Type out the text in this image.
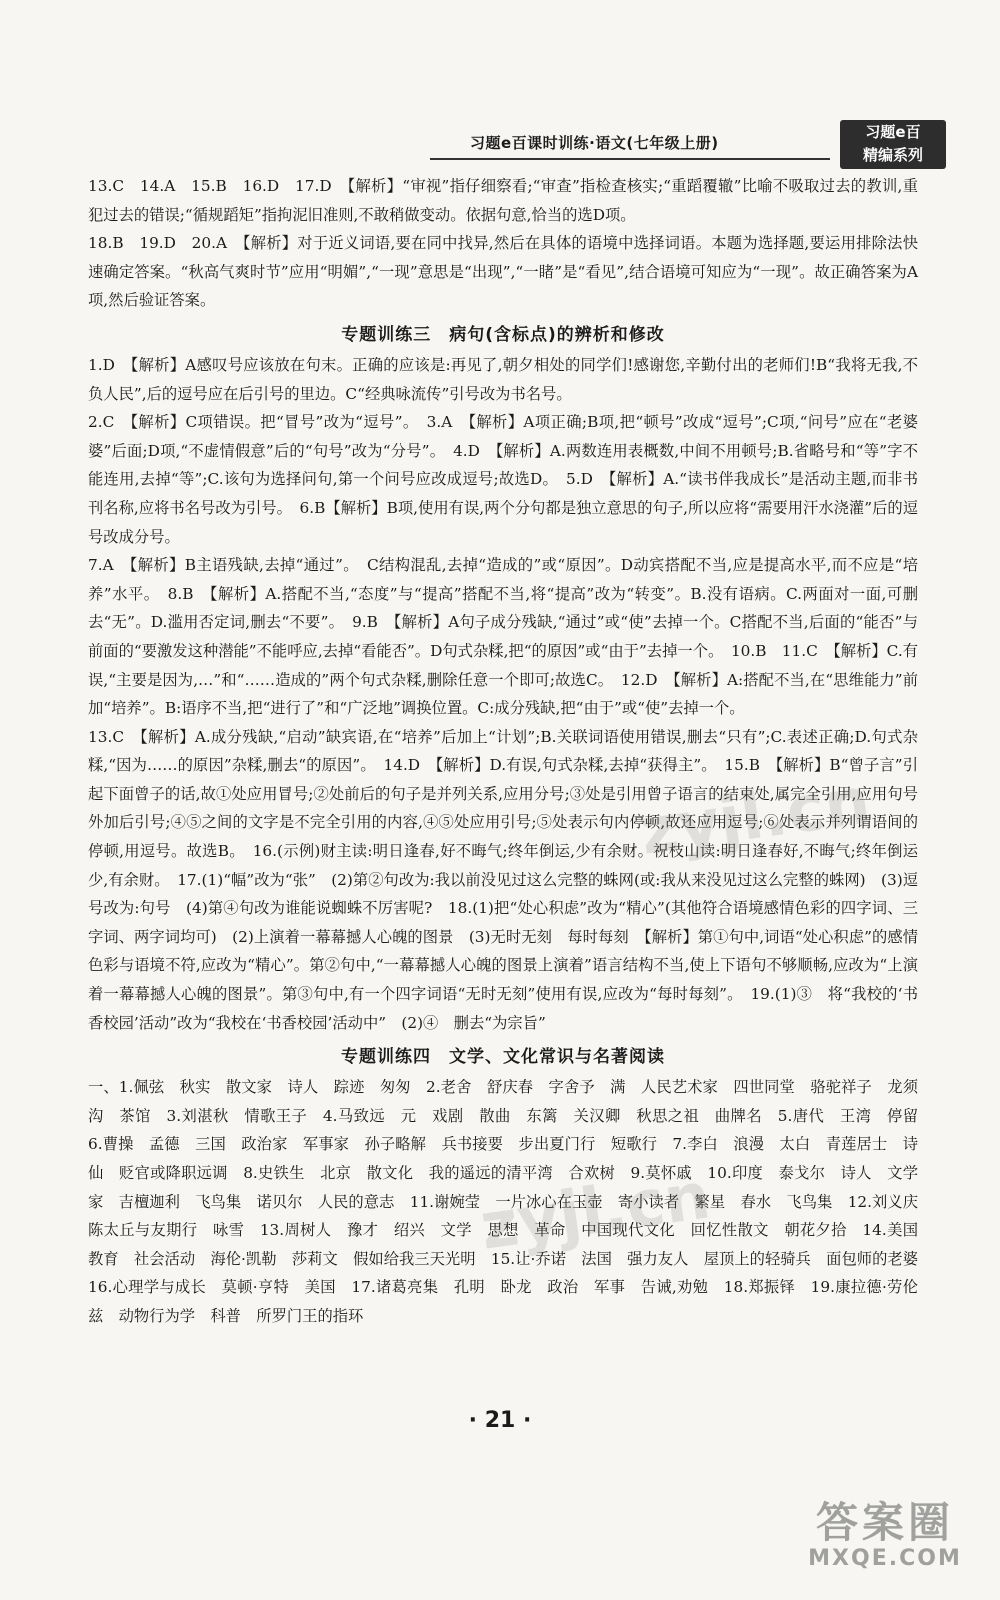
习题e百课时训练·语文(七年级上册)
习题e百
精编系列

13.C　14.A　15.B　16.D　17.D　【解析】“审视”指仔细察看;“审查”指检查核实;“重蹈覆辙”比喻不吸取过去的教训,重犯过去的错误;“循规蹈矩”指拘泥旧准则,不敢稍做变动。依据句意,恰当的选D项。

18.B　19.D　20.A　【解析】对于近义词语,要在同中找异,然后在具体的语境中选择词语。本题为选择题,要运用排除法快速确定答案。“秋高气爽时节”应用“明媚”,“一现”意思是“出现”,“一睹”是“看见”,结合语境可知应为“一现”。故正确答案为A项,然后验证答案。

专题训练三　病句(含标点)的辨析和修改

1.D　【解析】A感叹号应该放在句末。正确的应该是:再见了,朝夕相处的同学们!感谢您,辛勤付出的老师们!B“我将无我,不负人民”,后的逗号应在后引号的里边。C“经典咏流传”引号改为书名号。

2.C　【解析】C项错误。把“冒号”改为“逗号”。　3.A　【解析】A项正确;B项,把“顿号”改成“逗号”;C项,“问号”应在“老婆婆”后面;D项,“不虚情假意”后的“句号”改为“分号”。　4.D　【解析】A.两数连用表概数,中间不用顿号;B.省略号和“等”字不能连用,去掉“等”;C.该句为选择问句,第一个问号应改成逗号;故选D。　5.D　【解析】A.“读书伴我成长”是活动主题,而非书刊名称,应将书名号改为引号。　6.B【解析】B项,使用有误,两个分句都是独立意思的句子,所以应将“需要用汗水浇灌”后的逗号改成分号。

7.A　【解析】B主语残缺,去掉“通过”。　C结构混乱,去掉“造成的”或“原因”。D动宾搭配不当,应是提高水平,而不应是“培养”水平。　8.B　【解析】A.搭配不当,“态度”与“提高”搭配不当,将“提高”改为“转变”。B.没有语病。C.两面对一面,可删去“无”。D.滥用否定词,删去“不要”。　9.B　【解析】A句子成分残缺,“通过”或“使”去掉一个。C搭配不当,后面的“能否”与前面的“要激发这种潜能”不能呼应,去掉“看能否”。D句式杂糅,把“的原因”或“由于”去掉一个。　10.B　11.C　【解析】C.有误,“主要是因为,…”和“……造成的”两个句式杂糅,删除任意一个即可;故选C。　12.D　【解析】A:搭配不当,在“思维能力”前加“培养”。B:语序不当,把“进行了”和“广泛地”调换位置。C:成分残缺,把“由于”或“使”去掉一个。

13.C　【解析】A.成分残缺,“启动”缺宾语,在“培养”后加上“计划”;B.关联词语使用错误,删去“只有”;C.表述正确;D.句式杂糅,“因为……的原因”杂糅,删去“的原因”。　14.D　【解析】D.有误,句式杂糅,去掉“获得主”。　15.B　【解析】B“曾子言”引起下面曾子的话,故①处应用冒号;②处前后的句子是并列关系,应用分号;③处是引用曾子语言的结束处,属完全引用,应用句号外加后引号;④⑤之间的文字是不完全引用的内容,④⑤处应用引号;⑤处表示句内停顿,故还应用逗号;⑥处表示并列谓语间的停顿,用逗号。故选B。　16.(示例)财主读:明日逢春,好不晦气;终年倒运,少有余财。祝枝山读:明日逢春好,不晦气;终年倒运少,有余财。　17.(1)“幅”改为“张”　(2)第②句改为:我以前没见过这么完整的蛛网(或:我从来没见过这么完整的蛛网)　(3)逗号改为:句号　(4)第④句改为谁能说蜘蛛不厉害呢?　18.(1)把“处心积虑”改为“精心”(其他符合语境感情色彩的四字词、三字词、两字词均可)　(2)上演着一幕幕撼人心魄的图景　(3)无时无刻　每时每刻　【解析】第①句中,词语“处心积虑”的感情色彩与语境不符,应改为“精心”。第②句中,“一幕幕撼人心魄的图景上演着”语言结构不当,使上下语句不够顺畅,应改为“上演着一幕幕撼人心魄的图景”。第③句中,有一个四字词语“无时无刻”使用有误,应改为“每时每刻”。　19.(1)③　将“我校的‘书香校园’活动”改为“我校在‘书香校园’活动中”　(2)④　删去“为宗旨”

专题训练四　文学、文化常识与名著阅读

一、1.佩弦　秋实　散文家　诗人　踪迹　匆匆　2.老舍　舒庆春　字舍予　满　人民艺术家　四世同堂　骆驼祥子　龙须沟　茶馆　3.刘湛秋　情歌王子　4.马致远　元　戏剧　散曲　东篱　关汉卿　秋思之祖　曲牌名　5.唐代　王湾　停留　6.曹操　孟德　三国　政治家　军事家　孙子略解　兵书接要　步出夏门行　短歌行　7.李白　浪漫　太白　青莲居士　诗仙　贬官或降职远调　8.史铁生　北京　散文化　我的遥远的清平湾　合欢树　9.莫怀戚　10.印度　泰戈尔　诗人　文学家　吉檀迦利　飞鸟集　诺贝尔　人民的意志　11.谢婉莹　一片冰心在玉壶　寄小读者　繁星　春水　飞鸟集　12.刘义庆　陈太丘与友期行　咏雪　13.周树人　豫才　绍兴　文学　思想　革命　中国现代文化　回忆性散文　朝花夕拾　14.美国　教育　社会活动　海伦·凯勒　莎莉文　假如给我三天光明　15.让·乔诺　法国　强力友人　屋顶上的轻骑兵　面包师的老婆　16.心理学与成长　莫顿·亨特　美国　17.诸葛亮集　孔明　卧龙　政治　军事　告诫,劝勉　18.郑振铎　19.康拉德·劳伦兹　动物行为学　科普　所罗门王的指环

· 21 ·
zyjl.cn
zyjl.cn
答案圈
MXQE.COM
